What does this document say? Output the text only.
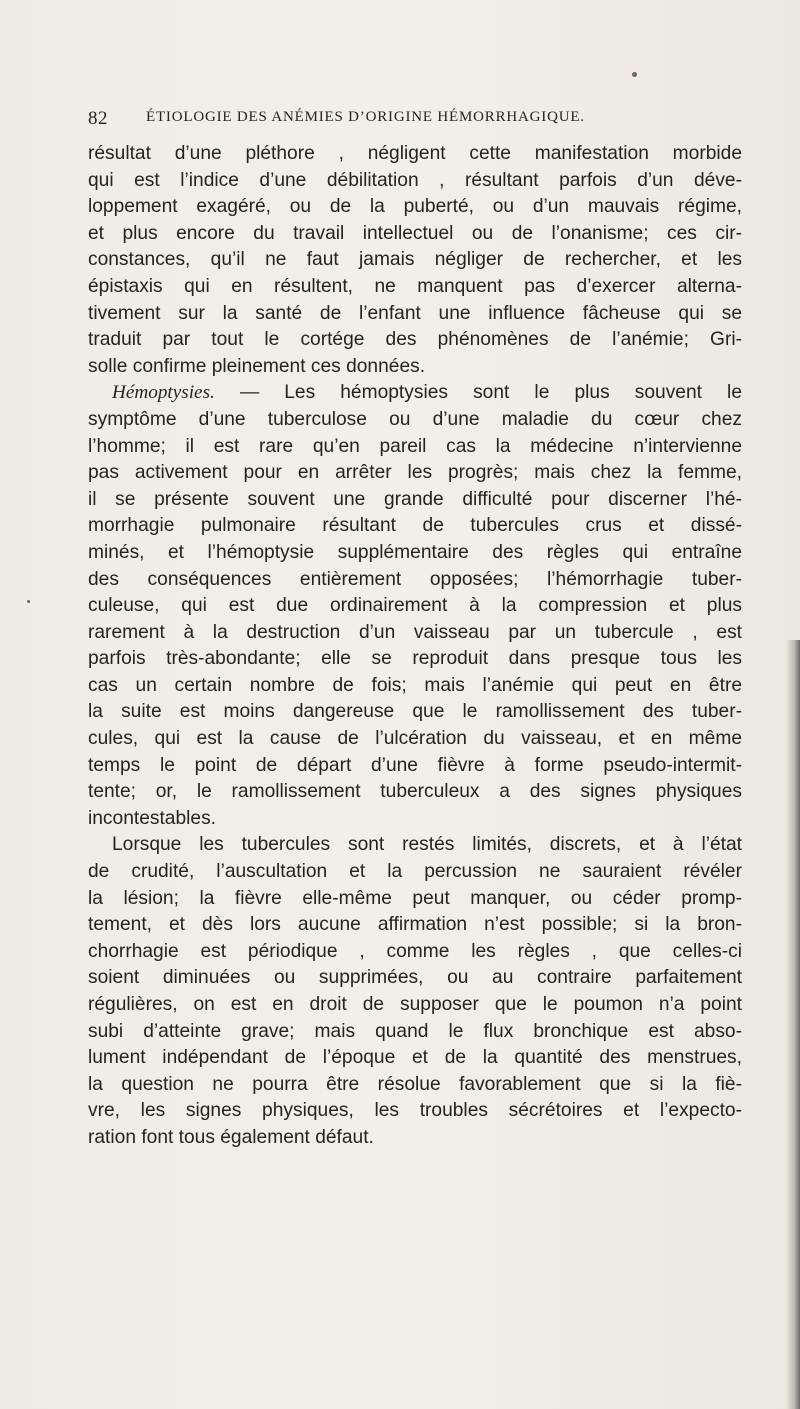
82	ÉTIOLOGIE DES ANÉMIES D’ORIGINE HÉMORRHAGIQUE.
résultat d’une pléthore , négligent cette manifestation morbide
qui est l’indice d’une débilitation , résultant parfois d’un déve-
loppement exagéré, ou de la puberté, ou d’un mauvais régime,
et plus encore du travail intellectuel ou de l’onanisme; ces cir-
constances, qu’il ne faut jamais négliger de rechercher, et les
épistaxis qui en résultent, ne manquent pas d’exercer alterna-
tivement sur la santé de l’enfant une influence fâcheuse qui se
traduit par tout le cortége des phénomènes de l’anémie; Gri-
solle confirme pleinement ces données.
Hémoptysies. — Les hémoptysies sont le plus souvent le
symptôme d’une tuberculose ou d’une maladie du cœur chez
l’homme; il est rare qu’en pareil cas la médecine n’intervienne
pas activement pour en arrêter les progrès; mais chez la femme,
il se présente souvent une grande difficulté pour discerner l’hé-
morrhagie pulmonaire résultant de tubercules crus et dissé-
minés, et l’hémoptysie supplémentaire des règles qui entraîne
des conséquences entièrement opposées; l’hémorrhagie tuber-
culeuse, qui est due ordinairement à la compression et plus
rarement à la destruction d’un vaisseau par un tubercule , est
parfois très-abondante; elle se reproduit dans presque tous les
cas un certain nombre de fois; mais l’anémie qui peut en être
la suite est moins dangereuse que le ramollissement des tuber-
cules, qui est la cause de l’ulcération du vaisseau, et en même
temps le point de départ d’une fièvre à forme pseudo-intermit-
tente; or, le ramollissement tuberculeux a des signes physiques
incontestables.
Lorsque les tubercules sont restés limités, discrets, et à l’état
de crudité, l’auscultation et la percussion ne sauraient révéler
la lésion; la fièvre elle-même peut manquer, ou céder promp-
tement, et dès lors aucune affirmation n’est possible; si la bron-
chorrhagie est périodique , comme les règles , que celles-ci
soient diminuées ou supprimées, ou au contraire parfaitement
régulières, on est en droit de supposer que le poumon n’a point
subi d’atteinte grave; mais quand le flux bronchique est abso-
lument indépendant de l’époque et de la quantité des menstrues,
la question ne pourra être résolue favorablement que si la fiè-
vre, les signes physiques, les troubles sécrétoires et l’expecto-
ration font tous également défaut.
